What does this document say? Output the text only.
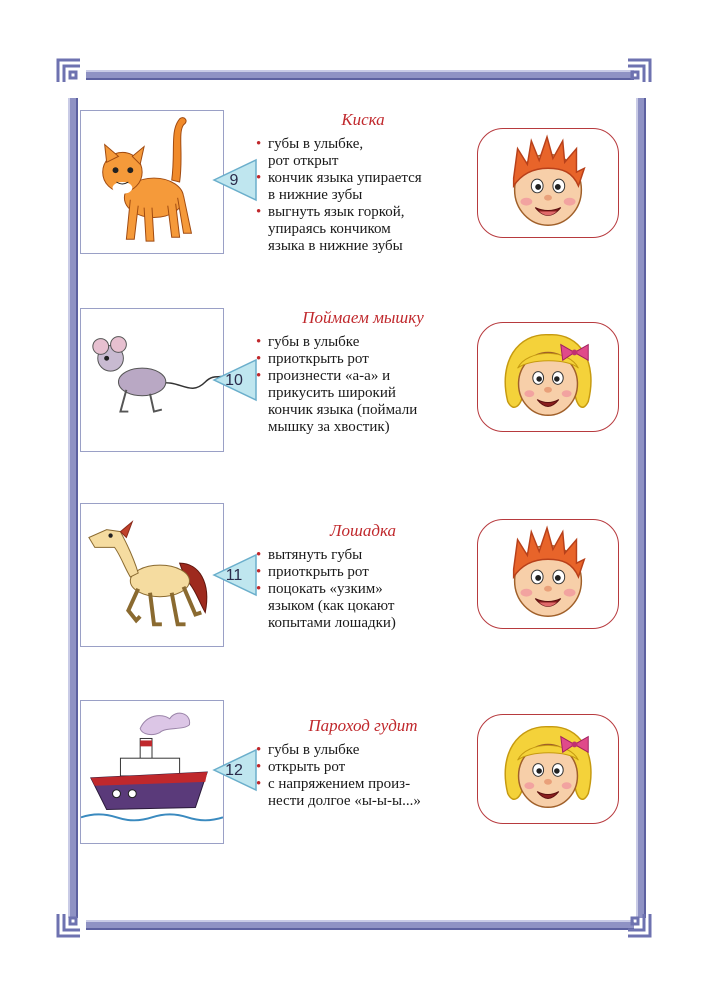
9
Киска
• губы в улыбке,
рот открыт
• кончик языка упирается
в нижние зубы
• выгнуть язык горкой,
упираясь кончиком
языка в нижние зубы
10
Поймаем мышку
• губы в улыбке
• приоткрыть рот
• произнести «а-а» и
прикусить широкий
кончик языка (поймали
мышку за хвостик)
11
Лошадка
• вытянуть губы
• приоткрыть рот
• поцокать «узким»
языком (как цокают
копытами лошадки)
12
Пароход гудит
• губы в улыбке
• открыть рот
• с напряжением произ-
нести долгое «ы-ы-ы...»
